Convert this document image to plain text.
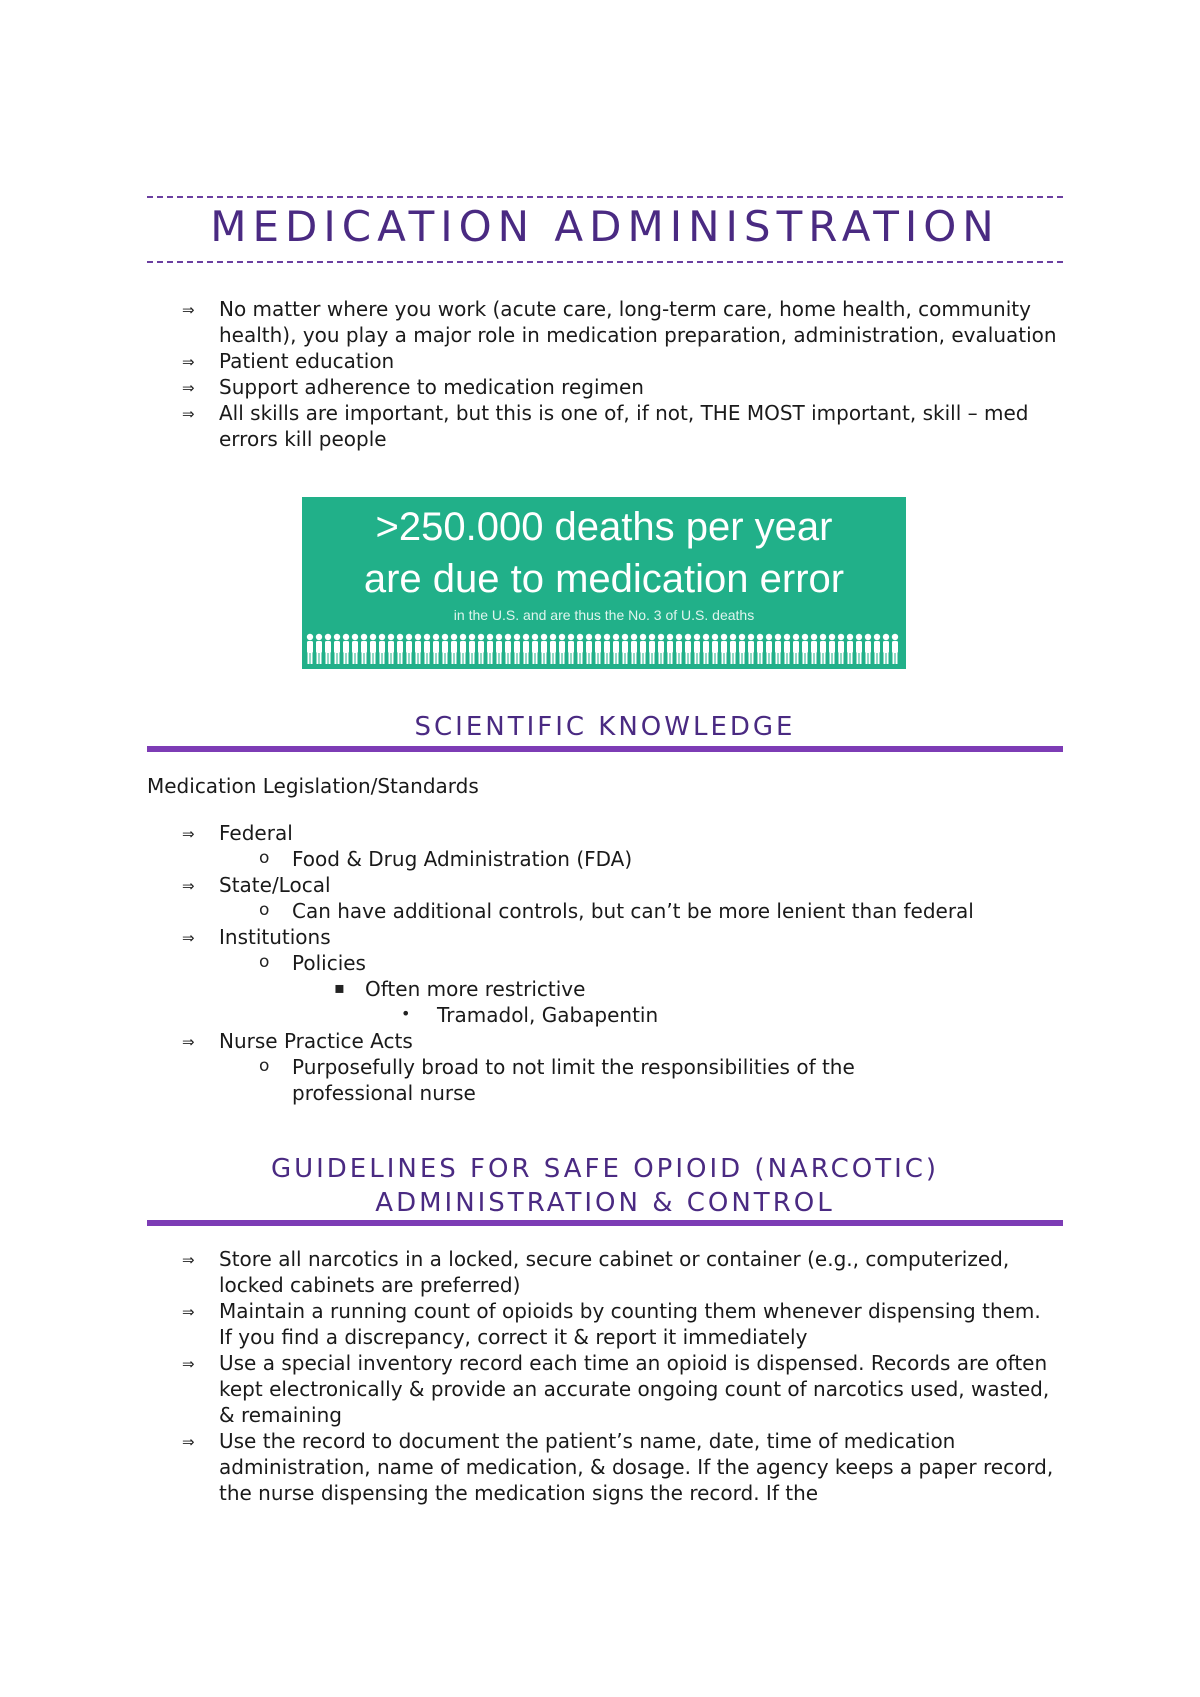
MEDICATION ADMINISTRATION
⇒ No matter where you work (acute care, long-term care, home health, community health), you play a major role in medication preparation, administration, evaluation
⇒ Patient education
⇒ Support adherence to medication regimen
⇒ All skills are important, but this is one of, if not, THE MOST important, skill – med errors kill people
>250.000 deaths per year
are due to medication error
in the U.S. and are thus the No. 3 of U.S. deaths
SCIENTIFIC KNOWLEDGE
Medication Legislation/Standards
⇒ Federal
o Food & Drug Administration (FDA)
⇒ State/Local
o Can have additional controls, but can’t be more lenient than federal
⇒ Institutions
o Policies
▪ Often more restrictive
• Tramadol, Gabapentin
⇒ Nurse Practice Acts
o Purposefully broad to not limit the responsibilities of the professional nurse
GUIDELINES FOR SAFE OPIOID (NARCOTIC)
ADMINISTRATION & CONTROL
⇒ Store all narcotics in a locked, secure cabinet or container (e.g., computerized, locked cabinets are preferred)
⇒ Maintain a running count of opioids by counting them whenever dispensing them. If you find a discrepancy, correct it & report it immediately
⇒ Use a special inventory record each time an opioid is dispensed. Records are often kept electronically & provide an accurate ongoing count of narcotics used, wasted, & remaining
⇒ Use the record to document the patient’s name, date, time of medication administration, name of medication, & dosage. If the agency keeps a paper record, the nurse dispensing the medication signs the record. If the
